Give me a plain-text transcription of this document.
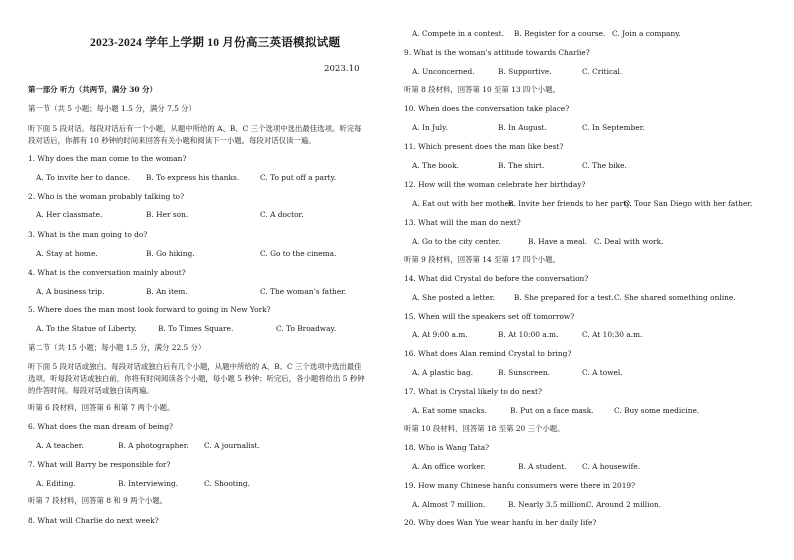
2023-2024 学年上学期 10 月份高三英语模拟试题
2023.10
第一部分 听力（共两节，满分 30 分）
第一节（共 5 小题；每小题 1.5 分，满分 7.5 分）
听下面 5 段对话。每段对话后有一个小题，从题中所给的 A、B、C 三个选项中选出最佳选项。听完每
段对话后，你都有 10 秒钟的时间来回答有关小题和阅读下一小题。每段对话仅读一遍。
1. Why does the man come to the woman?
A. To invite her to dance. B. To express his thanks.	C. To put off a party.
2. Who is the woman probably talking to?
A. Her classmate.	B. Her son.	C. A doctor.
3. What is the man going to do?
A. Stay at home.	B. Go hiking.	C. Go to the cinema.
4. What is the conversation mainly about?
A. A business trip.	B. An item.	C. The woman’s father.
5. Where does the man most look forward to going in New York?
A. To the Statue of Liberty.	B. To Times Square.	C. To Broadway.
第二节（共 15 小题；每小题 1.5 分，满分 22.5 分）
听下面 5 段对话或独白。每段对话或独白后有几个小题，从题中所给的 A、B、C 三个选项中选出最佳
选项。听每段对话或独白前，你将有时间阅读各个小题，每小题 5 秒钟；听完后，各小题将给出 5 秒钟
的作答时间。每段对话或独白读两遍。
听第 6 段材料，回答第 6 和第 7 两个小题。
6. What does the man dream of being?
A. A teacher.	B. A photographer. C. A journalist.
7. What will Barry be responsible for?
A. Editing.	B. Interviewing.	C. Shooting.
听第 7 段材料，回答第 8 和 9 两个小题。
8. What will Charlie do next week?
A. Compete in a contest. B. Register for a course. C. Join a company.
9. What is the woman’s attitude towards Charlie?
A. Unconcerned.	B. Supportive.	C. Critical.
听第 8 段材料，回答第 10 至第 13 四个小题。
10. When does the conversation take place?
A. In July.	B. In August.	C. In September.
11. Which present does the man like best?
A. The book.	B. The shirt.	C. The bike.
12. How will the woman celebrate her birthday?
A. Eat out with her mother.
B. Invite her friends to her party.
C. Tour San Diego with her father.
13. What will the man do next?
A. Go to the city center.	B. Have a meal. C. Deal with work.
听第 9 段材料，回答第 14 至第 17 四个小题。
14. What did Crystal do before the conversation?
A. She posted a letter.	B. She prepared for a test. C. She shared something online.
15. When will the speakers set off tomorrow?
A. At 9:00 a.m.	B. At 10:00 a.m.	C. At 10:30 a.m.
16. What does Alan remind Crystal to bring?
A. A plastic bag.	B. Sunscreen.	C. A towel.
17. What is Crystal likely to do next?
A. Eat some snacks.	B. Put on a face mask.	C. Buy some medicine.
听第 10 段材料，回答第 18 至第 20 三个小题。
18. Who is Wang Tata?
A. An office worker.	B. A student. C. A housewife.
19. How many Chinese hanfu consumers were there in 2019?
A. Almost 7 million.	B. Nearly 3.5 million.
C. Around 2 million.
20. Why does Wan Yue wear hanfu in her daily life?
